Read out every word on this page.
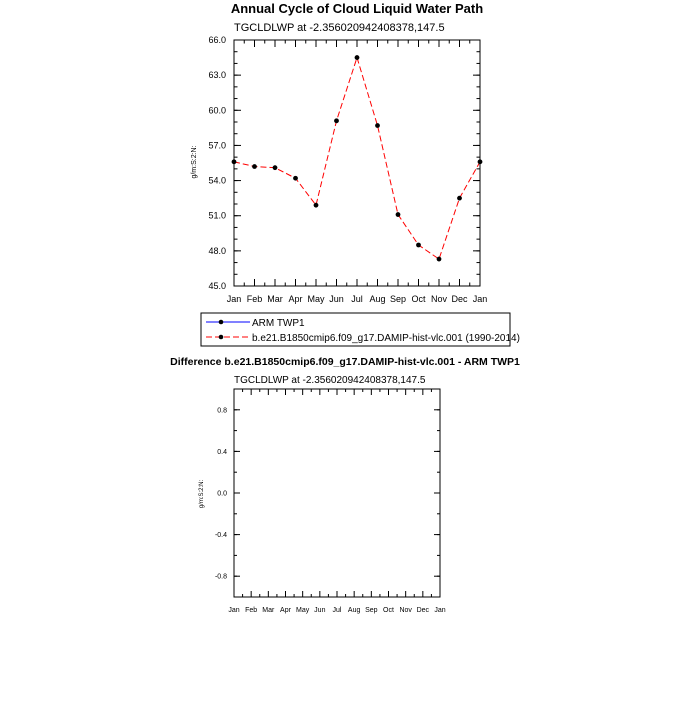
Annual Cycle of Cloud Liquid Water Path
TGCLDLWP at -2.356020942408378,147.5
Jan Feb Mar Apr May Jun Jul Aug Sep Oct Nov Dec Jan
45.0
48.0
51.0
54.0
57.0
60.0
63.0
66.0
g/m:S:2:N:
ARM TWP1
b.e21.B1850cmip6.f09_g17.DAMIP-hist-vlc.001 (1990-2014)
Difference b.e21.B1850cmip6.f09_g17.DAMIP-hist-vlc.001 - ARM TWP1
TGCLDLWP at -2.356020942408378,147.5
Jan Feb Mar Apr May Jun Jul Aug Sep Oct Nov Dec Jan
-0.8
-0.4
0.0
0.4
0.8
g/m:S:2:N:
